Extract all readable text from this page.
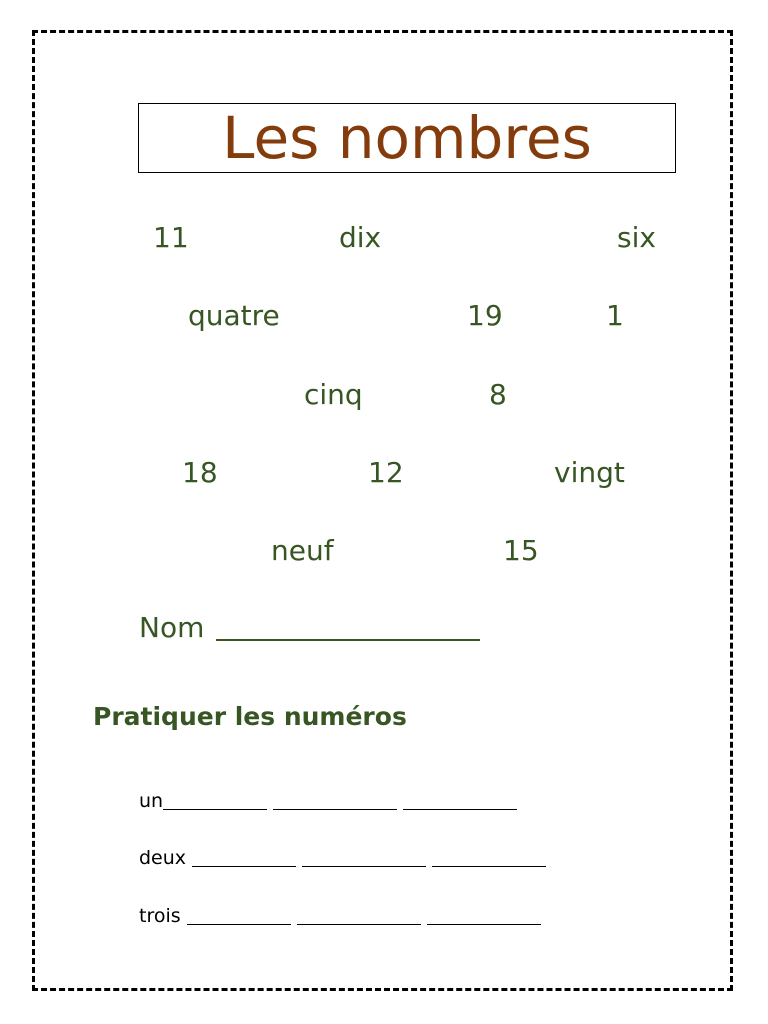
Les nombres
11	dix	six
quatre	19	1
cinq	8
18	12	vingt
neuf	15
Nom
Pratiquer les numéros
un
deux
trois
